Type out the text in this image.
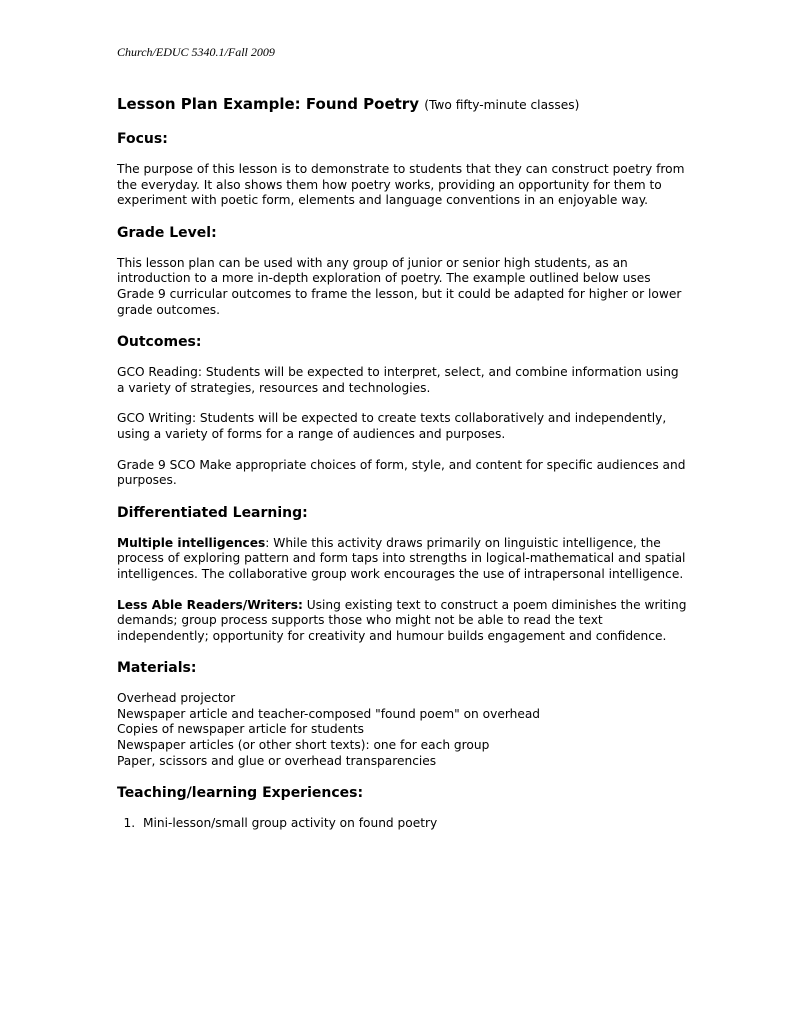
Church/EDUC 5340.1/Fall 2009
Lesson Plan Example: Found Poetry (Two fifty-minute classes)
Focus:

The purpose of this lesson is to demonstrate to students that they can construct poetry from the everyday. It also shows them how poetry works, providing an opportunity for them to experiment with poetic form, elements and language conventions in an enjoyable way.

Grade Level:

This lesson plan can be used with any group of junior or senior high students, as an introduction to a more in-depth exploration of poetry. The example outlined below uses Grade 9 curricular outcomes to frame the lesson, but it could be adapted for higher or lower grade outcomes.

Outcomes:

GCO Reading: Students will be expected to interpret, select, and combine information using a variety of strategies, resources and technologies.

GCO Writing: Students will be expected to create texts collaboratively and independently, using a variety of forms for a range of audiences and purposes.

Grade 9 SCO Make appropriate choices of form, style, and content for specific audiences and purposes.

Differentiated Learning:

Multiple intelligences: While this activity draws primarily on linguistic intelligence, the process of exploring pattern and form taps into strengths in logical-mathematical and spatial intelligences. The collaborative group work encourages the use of intrapersonal intelligence.

Less Able Readers/Writers: Using existing text to construct a poem diminishes the writing demands; group process supports those who might not be able to read the text independently; opportunity for creativity and humour builds engagement and confidence.

Materials:
Overhead projector
Newspaper article and teacher-composed "found poem" on overhead
Copies of newspaper article for students
Newspaper articles (or other short texts): one for each group
Paper, scissors and glue or overhead transparencies
Teaching/learning Experiences:
1. Mini-lesson/small group activity on found poetry
